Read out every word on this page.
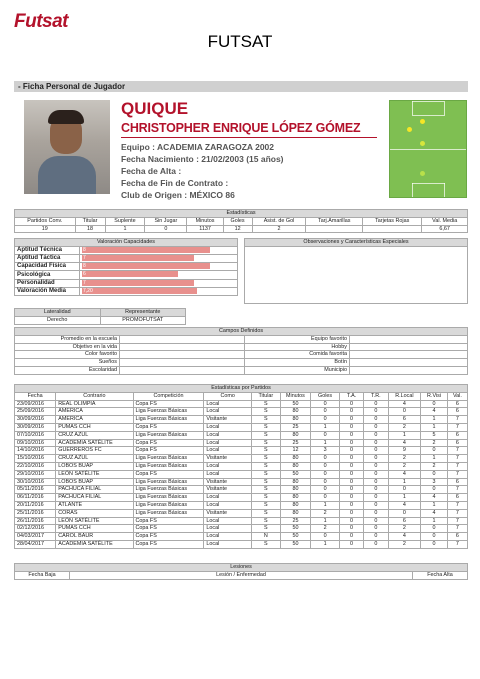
Futsat
FUTSAT
- Ficha Personal de Jugador
QUIQUE
CHRISTOPHER ENRIQUE LÓPEZ GÓMEZ
Equipo : ACADEMIA ZARAGOZA 2002
Fecha Nacimiento : 21/02/2003 (15 años)
Fecha de Alta :
Fecha de Fin de Contrato :
Club de Origen : MÉXICO 86
Estadísticas									
Partidos Conv.	Titular	Suplente	Sin Jugar	Minutos	Goles	Asist. de Gol	Tarj.Amarillas	Tarjetas Rojas	Val. Media
19	18	1	0	1137	12	2			6,67
Valoración Capacidades	
Aptitud Técnica	8
Aptitud Táctica	7
Capacidad Física	8
Psicológica	6
Personalidad	7
Valoración Media	7,20
Observaciones y Características Especiales
Lateralidad	Representante
Derecho	PROMOFUTSAT
Campos Definidos			
Promedio en la escuela		Equipo favorito	
Objetivo en la vida		Hobby	
Color favorito		Comida favorita	
Sueños		Botín	
Escolaridad		Municipio	
Estadísticas por Partidos											
Fecha	Contrario	Competición	Como	Titular	Minutos	Goles	T.A.	T.R.	R.Local	R.Visi	Val.
23/09/2016	REAL OLIMPIA	Copa FS	Local	S	50	0	0	0	4	0	6
25/09/2016	AMERICA	Liga Fuerzas Básicas	Local	S	80	0	0	0	0	4	6
30/09/2016	AMERICA	Liga Fuerzas Básicas	Visitante	S	80	0	0	0	6	1	7
30/09/2016	PUMAS CCH	Copa FS	Local	S	25	1	0	0	2	1	7
07/10/2016	CRUZ AZUL	Liga Fuerzas Básicas	Local	S	80	0	0	0	1	5	6
09/10/2016	ACADEMIA SATÉLITE	Copa FS	Local	S	25	1	0	0	4	2	6
14/10/2016	GUERREROS FC	Copa FS	Local	S	12	3	0	0	9	0	7
15/10/2016	CRUZ AZUL	Liga Fuerzas Básicas	Visitante	S	80	0	0	0	2	1	7
22/10/2016	LOBOS BUAP	Liga Fuerzas Básicas	Local	S	80	0	0	0	2	2	7
29/10/2016	LEÓN SATÉLITE	Copa FS	Local	S	50	0	0	0	4	0	7
30/10/2016	LOBOS BUAP	Liga Fuerzas Básicas	Visitante	S	80	0	0	0	1	3	6
05/11/2016	PACHUCA FILIAL	Liga Fuerzas Básicas	Visitante	S	80	0	0	0	0	0	7
06/11/2016	PACHUCA FILIAL	Liga Fuerzas Básicas	Local	S	80	0	0	0	1	4	6
20/11/2016	ATLANTE	Liga Fuerzas Básicas	Local	S	80	1	0	0	4	1	7
25/11/2016	CORAS	Liga Fuerzas Básicas	Visitante	S	80	2	0	0	0	4	7
26/11/2016	LEÓN SATÉLITE	Copa FS	Local	S	25	1	0	0	6	1	7
02/12/2016	PUMAS CCH	Copa FS	Local	S	50	2	0	0	2	0	7
04/03/2017	CAROL BAUR	Copa FS	Local	N	50	0	0	0	4	0	6
28/04/2017	ACADEMIA SATÉLITE	Copa FS	Local	S	50	1	0	0	2	0	7
Lesiones
Fecha Baja	Lesión / Enfermedad	Fecha Alta
